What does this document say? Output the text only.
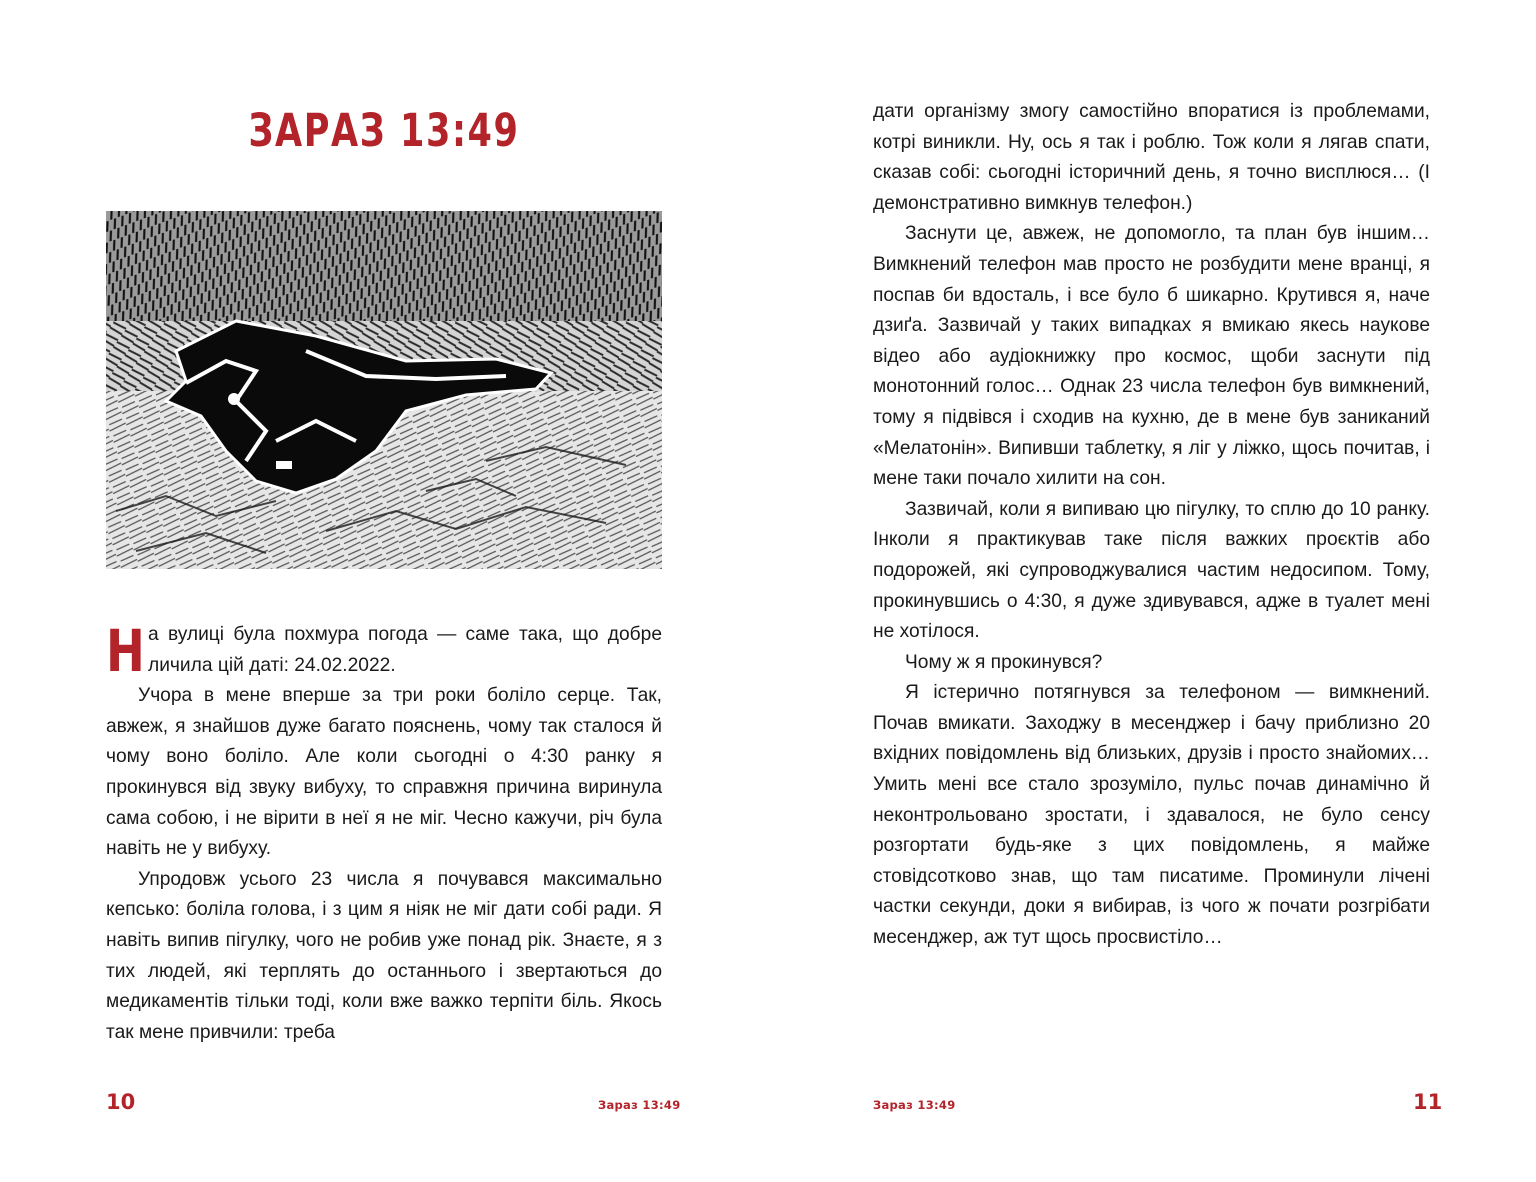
ЗАРАЗ 13:49

На вулиці була похмура погода — саме така, що добре личила цій даті: 24.02.2022.

Учора в мене вперше за три роки боліло серце. Так, авжеж, я знайшов дуже багато пояснень, чому так сталося й чому воно боліло. Але коли сьогодні о 4:30 ранку я прокинувся від звуку вибуху, то справжня причина виринула сама собою, і не вірити в неї я не міг. Чесно кажучи, річ була навіть не у вибуху.

Упродовж усього 23 числа я почувався максимально кепсько: боліла голова, і з цим я ніяк не міг дати собі ради. Я навіть випив пігулку, чого не робив уже понад рік. Знаєте, я з тих людей, які терплять до останнього і звертаються до медикаментів тільки тоді, коли вже важко терпіти біль. Якось так мене привчили: треба

10	Зараз 13:49

дати організму змогу самостійно впоратися із проблемами, котрі виникли. Ну, ось я так і роблю. Тож коли я лягав спати, сказав собі: сьогодні історичний день, я точно висплюся… (І демонстративно вимкнув телефон.)

Заснути це, авжеж, не допомогло, та план був іншим… Вимкнений телефон мав просто не розбудити мене вранці, я поспав би вдосталь, і все було б шикарно. Крутився я, наче дзиґа. Зазвичай у таких випадках я вмикаю якесь наукове відео або аудіокнижку про космос, щоби заснути під монотонний голос… Однак 23 числа телефон був вимкнений, тому я підвівся і сходив на кухню, де в мене був заниканий «Мелатонін». Випивши таблетку, я ліг у ліжко, щось почитав, і мене таки почало хилити на сон.

Зазвичай, коли я випиваю цю пігулку, то сплю до 10 ранку. Інколи я практикував таке після важких проєктів або подорожей, які супроводжувалися частим недосипом. Тому, прокинувшись о 4:30, я дуже здивувався, адже в туалет мені не хотілося.

Чому ж я прокинувся?

Я істерично потягнувся за телефоном — вимкнений. Почав вмикати. Заходжу в месенджер і бачу приблизно 20 вхідних повідомлень від близьких, друзів і просто знайомих… Умить мені все стало зрозуміло, пульс почав динамічно й неконтрольовано зростати, і здавалося, не було сенсу розгортати будь-яке з цих повідомлень, я майже стовідсотково знав, що там писатиме. Проминули лічені частки секунди, доки я вибирав, із чого ж почати розгрібати месенджер, аж тут щось просвистіло…

Зараз 13:49	11
